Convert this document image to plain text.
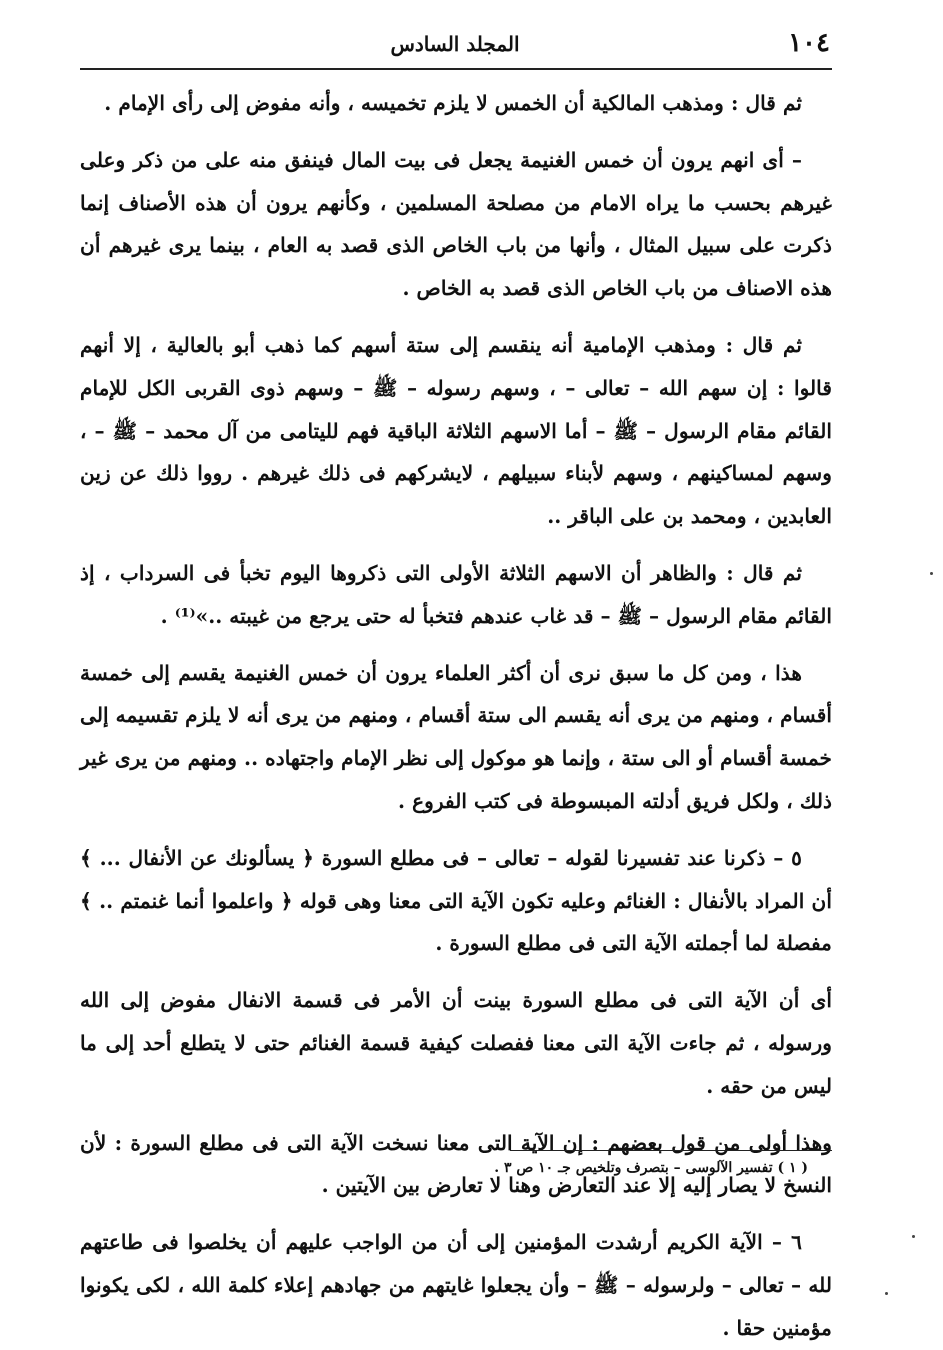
١٠٤
المجلد السادس

ثم قال : ومذهب المالكية أن الخمس لا يلزم تخميسه ، وأنه مفوض إلى رأى الإمام .

– أى انهم يرون أن خمس الغنيمة يجعل فى بيت المال فينفق منه على من ذكر وعلى غيرهم بحسب ما يراه الامام من مصلحة المسلمين ، وكأنهم يرون أن هذه الأصناف إنما ذكرت على سبيل المثال ، وأنها من باب الخاص الذى قصد به العام ، بينما يرى غيرهم أن هذه الاصناف من باب الخاص الذى قصد به الخاص .

ثم قال : ومذهب الإمامية أنه ينقسم إلى ستة أسهم كما ذهب أبو بالعالية ، إلا أنهم قالوا : إن سهم الله – تعالى – ، وسهم رسوله – ﷺ – وسهم ذوى القربى الكل للإمام القائم مقام الرسول – ﷺ – أما الاسهم الثلاثة الباقية فهم لليتامى من آل محمد – ﷺ – ، وسهم لمساكينهم ، وسهم لأبناء سبيلهم ، لايشركهم فى ذلك غيرهم . رووا ذلك عن زين العابدين ، ومحمد بن على الباقر ..

ثم قال : والظاهر أن الاسهم الثلاثة الأولى التى ذكروها اليوم تخبأ فى السرداب ، إذ القائم مقام الرسول – ﷺ – قد غاب عندهم فتخبأ له حتى يرجع من غيبته ..»⁽¹⁾ .

هذا ، ومن كل ما سبق نرى أن أكثر العلماء يرون أن خمس الغنيمة يقسم إلى خمسة أقسام ، ومنهم من يرى أنه يقسم الى ستة أقسام ، ومنهم من يرى أنه لا يلزم تقسيمه إلى خمسة أقسام أو الى ستة ، وإنما هو موكول إلى نظر الإمام واجتهاده .. ومنهم من يرى غير ذلك ، ولكل فريق أدلته المبسوطة فى كتب الفروع .

٥ – ذكرنا عند تفسيرنا لقوله – تعالى – فى مطلع السورة ﴿ يسألونك عن الأنفال ... ﴾ أن المراد بالأنفال : الغنائم وعليه تكون الآية التى معنا وهى قوله ﴿ واعلموا أنما غنمتم .. ﴾ مفصلة لما أجملته الآية التى فى مطلع السورة .

أى أن الآية التى فى مطلع السورة بينت أن الأمر فى قسمة الانفال مفوض إلى الله ورسوله ، ثم جاءت الآية التى معنا ففصلت كيفية قسمة الغنائم حتى لا يتطلع أحد إلى ما ليس من حقه .

وهذا أولى من قول بعضهم : إن الآية التى معنا نسخت الآية التى فى مطلع السورة : لأن النسخ لا يصار إليه إلا عند التعارض وهنا لا تعارض بين الآيتين .

٦ – الآية الكريم أرشدت المؤمنين إلى أن من الواجب عليهم أن يخلصوا فى طاعتهم لله – تعالى – ولرسوله – ﷺ – وأن يجعلوا غايتهم من جهادهم إعلاء كلمة الله ، لكى يكونوا مؤمنين حقا .

( ١ ) تفسير الآلوسى – بتصرف وتلخيص جـ ١٠ ص ٣ .
